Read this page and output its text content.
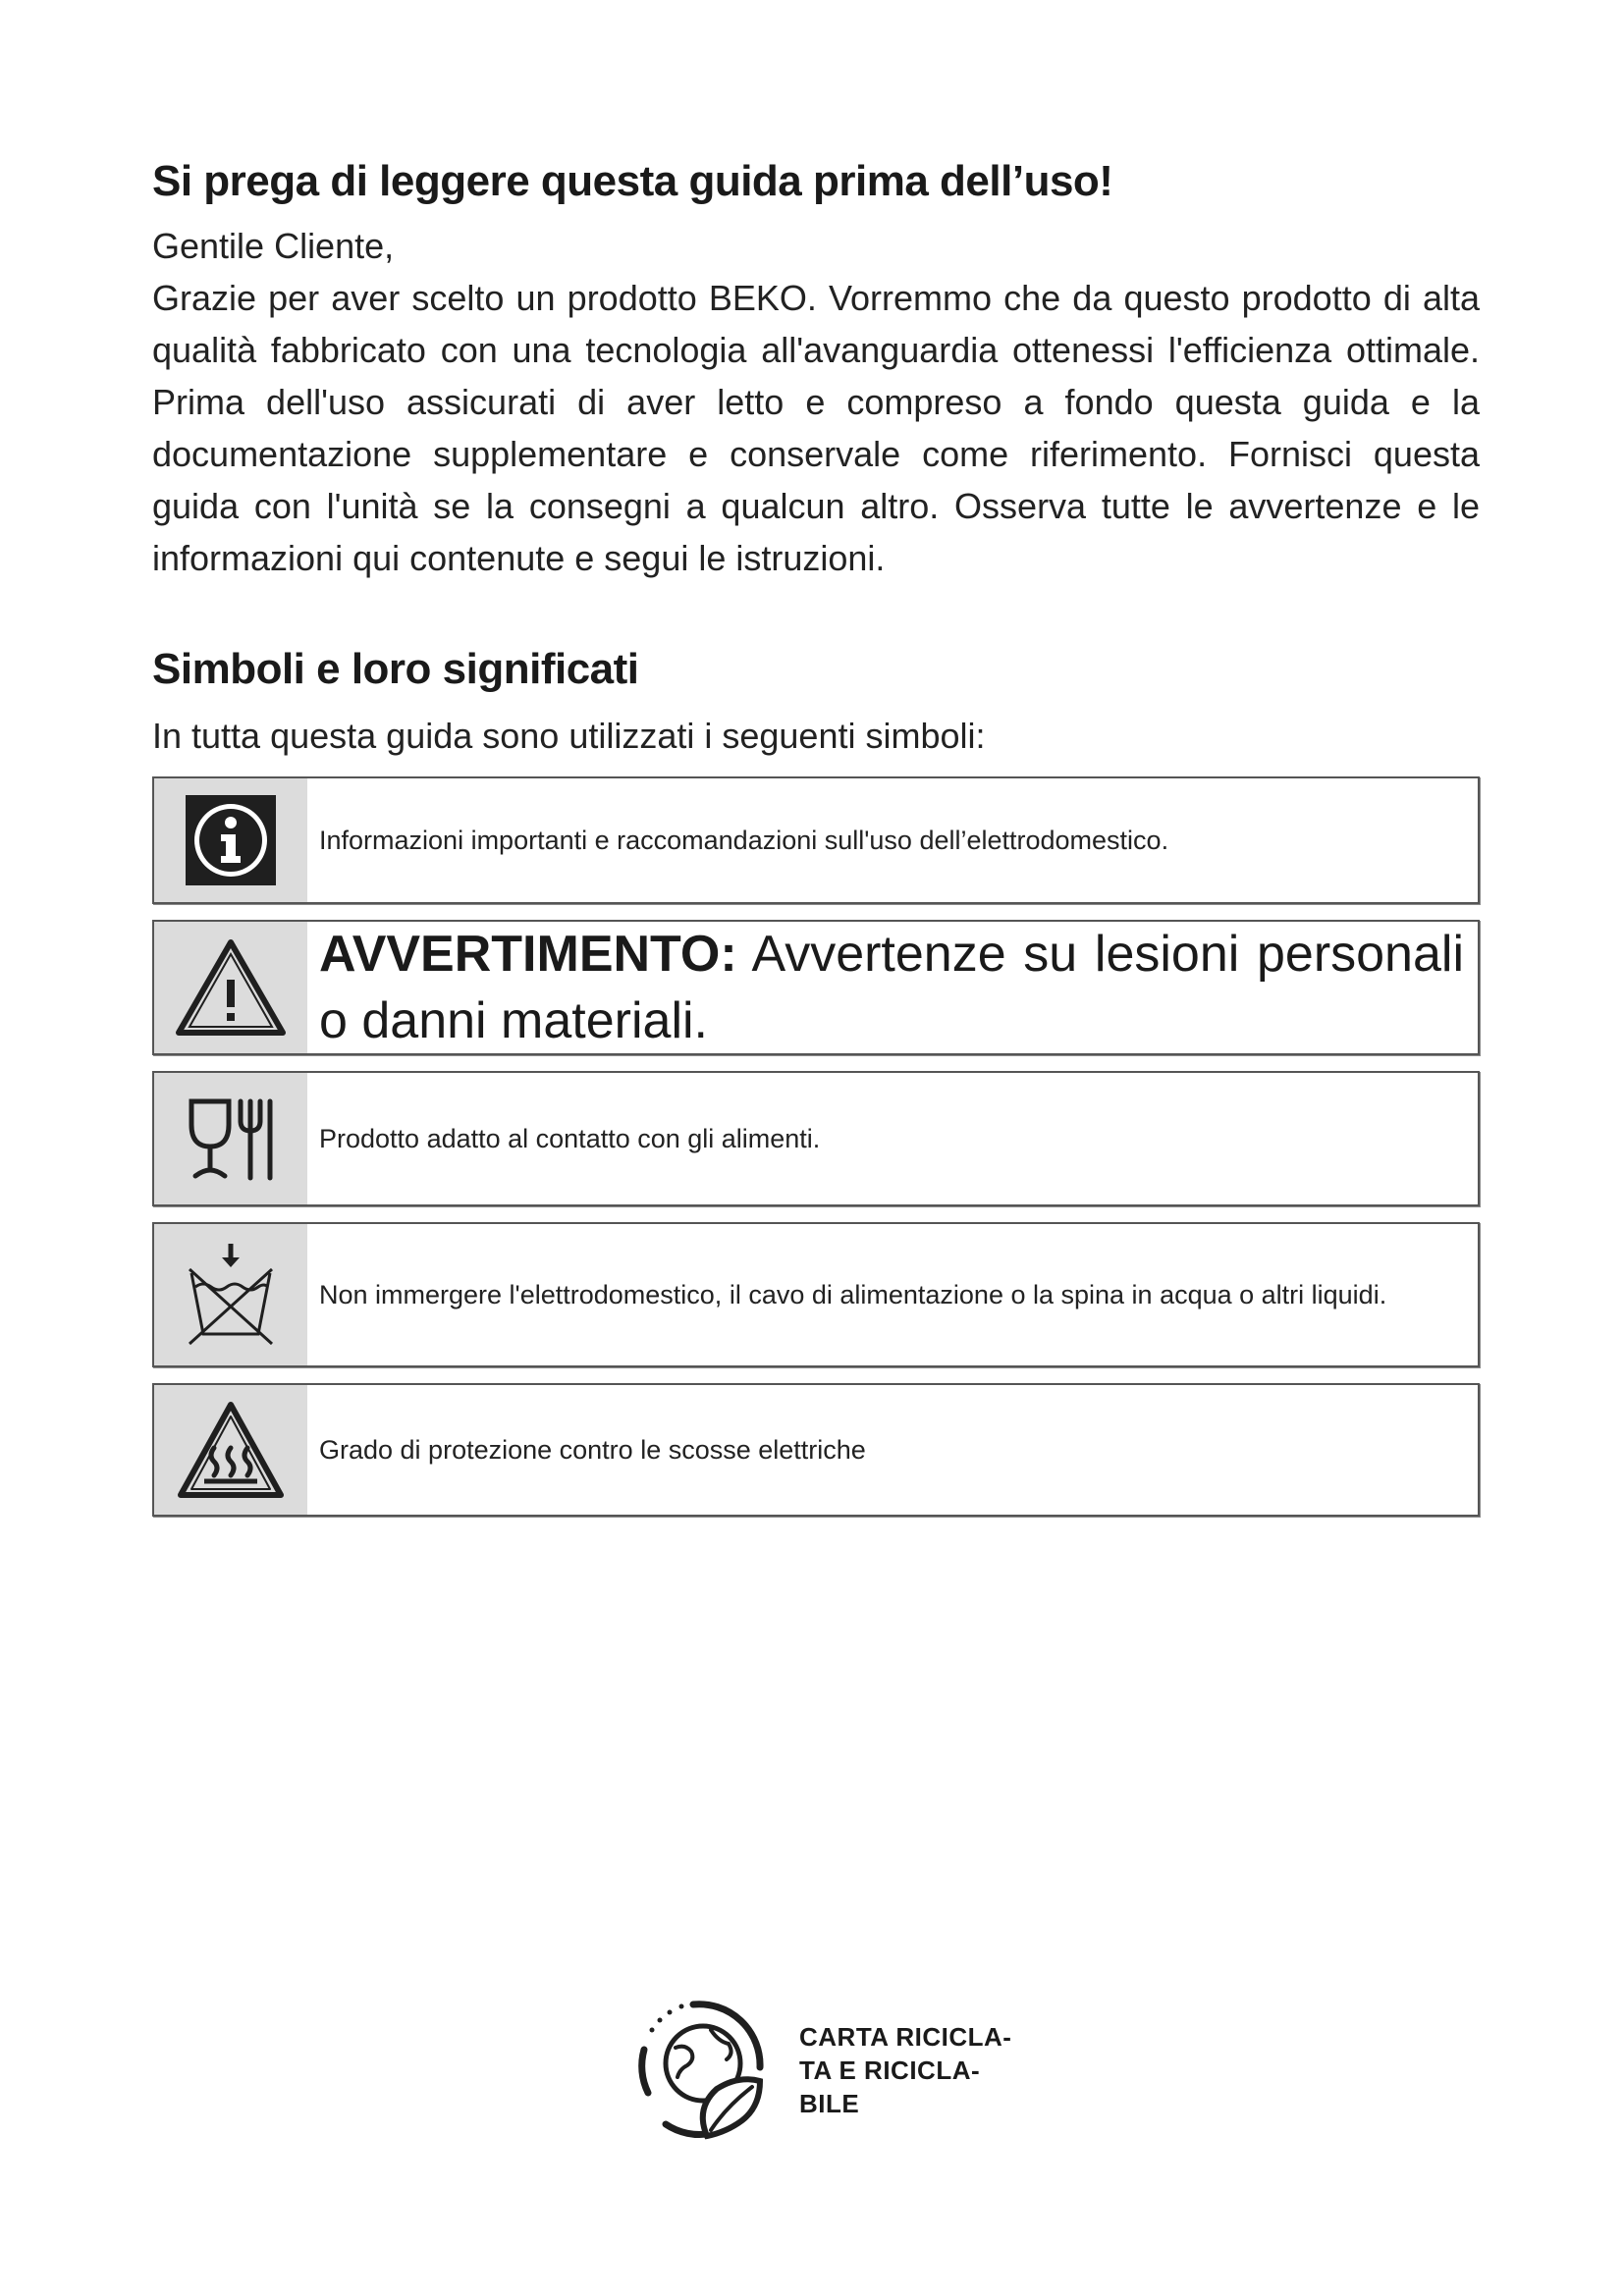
Si prega di leggere questa guida prima dell’uso!

Gentile Cliente,

Grazie per aver scelto un prodotto BEKO. Vorremmo che da questo prodotto di alta qualità fabbricato con una tecnologia all'avanguardia ottenessi l'efficienza ottimale. Prima dell'uso assicurati di aver letto e compreso a fondo questa guida e la documentazione supplementare e conservale come riferimento. Fornisci questa guida con l'unità se la consegni a qualcun altro. Osserva tutte le avvertenze e le informazioni qui contenute e segui le istruzioni.

Simboli e loro significati

In tutta questa guida sono utilizzati i seguenti simboli:

Informazioni importanti e raccomandazioni sull'uso dell’elettrodomestico.
AVVERTIMENTO: Avvertenze su lesioni personali o danni materiali.
Prodotto adatto al contatto con gli alimenti.
Non immergere l'elettrodomestico, il cavo di alimentazione o la spina in acqua o altri liquidi.
Grado di protezione contro le scosse elettriche
CARTA RICICLA-
TA E RICICLA-
BILE
